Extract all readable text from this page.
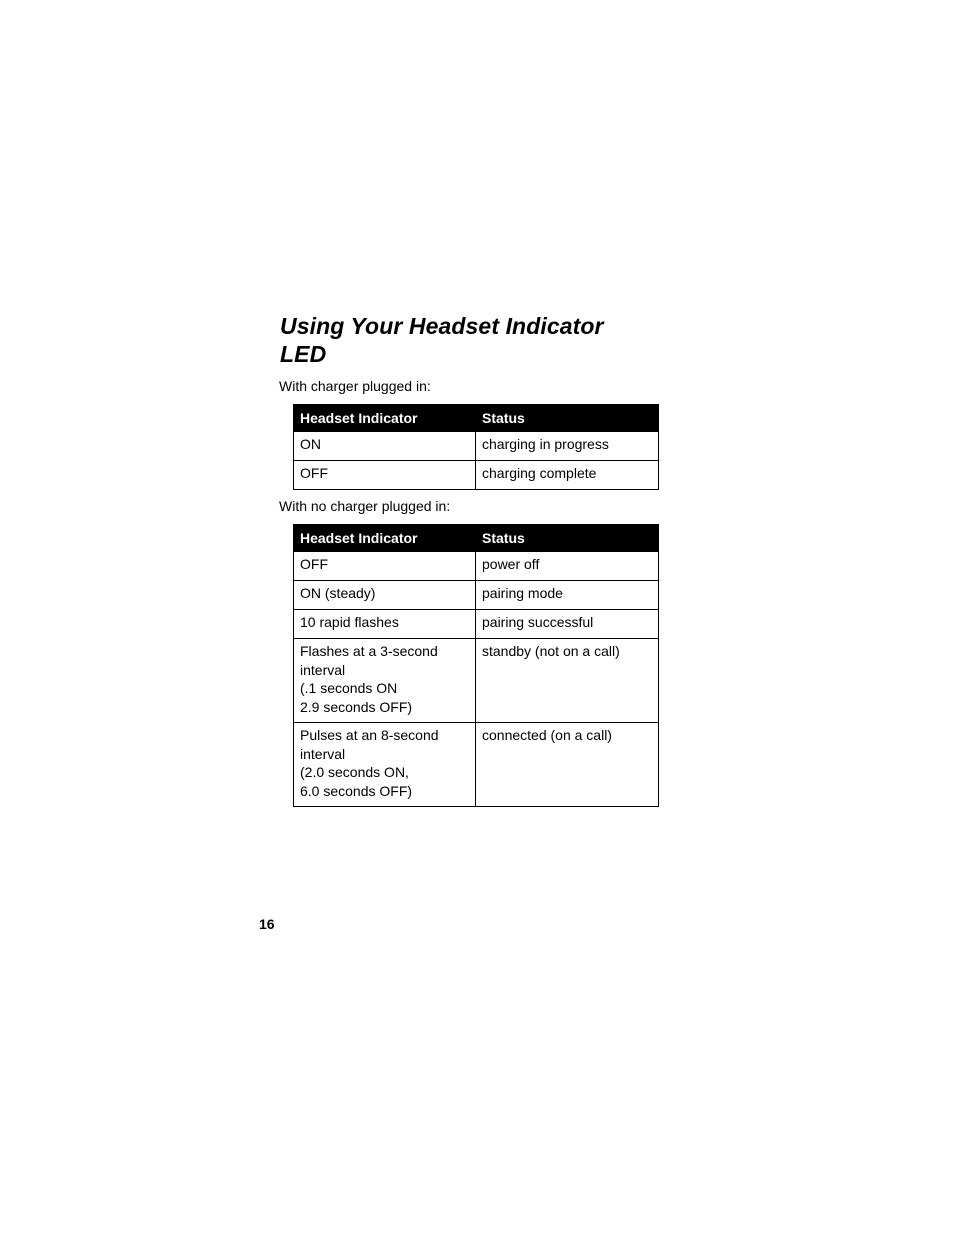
Using Your Headset Indicator
LED

With charger plugged in:

Headset Indicator	Status
ON	charging in progress
OFF	charging complete

With no charger plugged in:

Headset Indicator	Status
OFF	power off
ON (steady)	pairing mode
10 rapid flashes	pairing successful
Flashes at a 3-second
interval
(.1 seconds ON
2.9 seconds OFF)	standby (not on a call)
Pulses at an 8-second
interval
(2.0 seconds ON,
6.0 seconds OFF)	connected (on a call)

16
